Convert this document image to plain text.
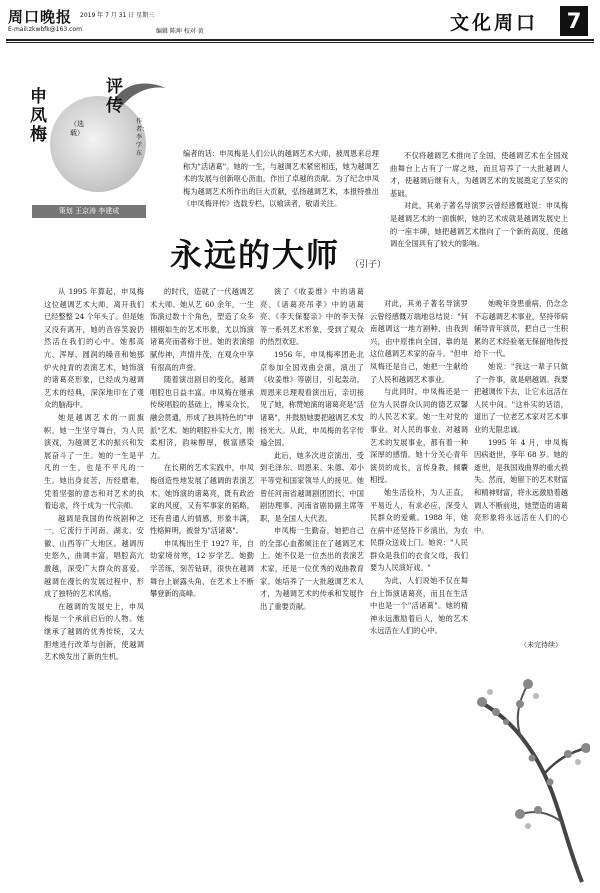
周口晚报
E-mail:zkwbfk@163.com
2019 年 7 月 31 日 星期三
编辑 陈坤 校对 黄	文化周口	7
申凤梅
评传
（选载）
作者：李 学东
策划 王京涛 李建成
编者的话：申凤梅是人们公认的越调艺术大师，被周恩来总理称为"活诸葛"。她的一生，与越调艺术紧密相连，她为越调艺术的发展与创新呕心沥血，作出了卓越的贡献。为了纪念申凤梅为越调艺术所作出的巨大贡献，弘扬越调艺术，本报特推出《申凤梅评传》选载专栏，以飨读者，敬请关注。
永远的大师 （引子）

从 1995 年算起，申凤梅这位越调艺术大师，离开我们已经整整 24 个年头了。但是她又没有离开，她的音容笑貌仍然活在我们的心中。她那高亢、浑厚、圆润的嗓音和她那炉火纯青的表演艺术，她饰演的诸葛亮形象，已经成为越调艺术的经典，深深地印在了观众的脑海中。

她是越调艺术的一面旗帜。她一生坚守舞台，为人民演戏，为越调艺术的振兴和发展奋斗了一生。她的一生是平凡的一生，也是不平凡的一生。她出身贫苦，历经磨难，凭着坚强的意志和对艺术的执着追求，终于成为一代宗师。

越调是我国的传统剧种之一，它流行于河南、湖北、安徽、山西等广大地区。越调历史悠久，曲调丰富，唱腔高亢激越，深受广大群众的喜爱。越调在漫长的发展过程中，形成了独特的艺术风格。

在越调的发展史上，申凤梅是一个承前启后的人物。她继承了越调的优秀传统，又大胆地进行改革与创新，使越调艺术焕发出了新的生机。

的时代，造就了一代越调艺术大师。她从艺 60 余年，一生饰演过数十个角色，塑造了众多栩栩如生的艺术形象，尤以饰演诸葛亮而著称于世。她的表演细腻传神，声情并茂，在观众中享有很高的声誉。

随着演出剧目的变化，越调唱腔也日益丰富。申凤梅在继承传统唱腔的基础上，博采众长，融会贯通，形成了独具特色的"申派"艺术。她的唱腔朴实大方，刚柔相济，韵味醇厚，极富感染力。

在长期的艺术实践中，申凤梅创造性地发展了越调的表演艺术。她饰演的诸葛亮，既有政治家的风度，又有军事家的韬略，还有普通人的情感，形象丰满，性格鲜明，被誉为"活诸葛"。

申凤梅出生于 1927 年，自幼家境贫寒，12 岁学艺。她勤学苦练，刻苦钻研，很快在越调舞台上崭露头角，在艺术上不断攀登新的高峰。

演了《收姜维》中的诸葛亮、《诸葛亮吊孝》中的诸葛亮、《李天保娶亲》中的李天保等一系列艺术形象，受到了观众的热烈欢迎。

1956 年，申凤梅率团赴北京参加全国戏曲会演，演出了《收姜维》等剧目，引起轰动。周恩来总理观看演出后，亲切接见了她，称赞她演的诸葛亮是"活诸葛"，并鼓励她要把越调艺术发扬光大。从此，申凤梅的名字传遍全国。

此后，她多次进京演出，受到毛泽东、周恩来、朱德、邓小平等党和国家领导人的接见。她曾任河南省越调剧团团长、中国剧协理事、河南省剧协副主席等职，是全国人大代表。

申凤梅一生勤奋，她把自己的全部心血都倾注在了越调艺术上。她不仅是一位杰出的表演艺术家，还是一位优秀的戏曲教育家。她培养了一大批越调艺术人才，为越调艺术的传承和发展作出了重要贡献。

不仅将越调艺术推向了全国，使越调艺术在全国戏曲舞台上占有了一席之地，而且培养了一大批越调人才，使越调后继有人，为越调艺术的发展奠定了坚实的基础。

对此，其弟子著名导演罗云曾经感慨地说：申凤梅是越调艺术的一面旗帜，她的艺术成就是越调发展史上的一座丰碑，她把越调艺术推向了一个新的高度，使越调在全国具有了较大的影响。

对此，其弟子著名导演罗云曾经感慨万端地总结说："何南越调这一地方剧种，由我到兴，由中原推向全国，靠的是这位越调艺术家的奋斗。"但申凤梅还是自己，她把一生献给了人民和越调艺术事业。

与此同时，申凤梅还是一位为人民群众认同的德艺双馨的人民艺术家。她一生对党的事业、对人民的事业、对越调艺术的发展事业，都有着一种深厚的感情。她十分关心青年演员的成长，言传身教，倾囊相授。

她生活俭朴，为人正直，平易近人，有求必应，深受人民群众的爱戴。1988 年，她在病中还坚持下乡演出，为农民群众送戏上门。她说："人民群众是我们的衣食父母，我们要为人民演好戏。"

为此，人们说她不仅在舞台上饰演诸葛亮，而且在生活中也是一个"活诸葛"。她的精神永远激励着后人，她的艺术永远活在人们的心中。

她晚年身患重病，仍念念不忘越调艺术事业，坚持带病辅导青年演员，把自己一生积累的艺术经验毫无保留地传授给下一代。

她说："我这一辈子只做了一件事，就是唱越调。我要把越调传下去，让它永远活在人民中间。"这朴实的话语，道出了一位老艺术家对艺术事业的无限忠诚。

1995 年 4 月，申凤梅因病逝世，享年 68 岁。她的逝世，是我国戏曲界的重大损失。然而，她留下的艺术财富和精神财富，将永远激励着越调人不断前进，她塑造的诸葛亮形象将永远活在人们的心中。

（未完待续）
